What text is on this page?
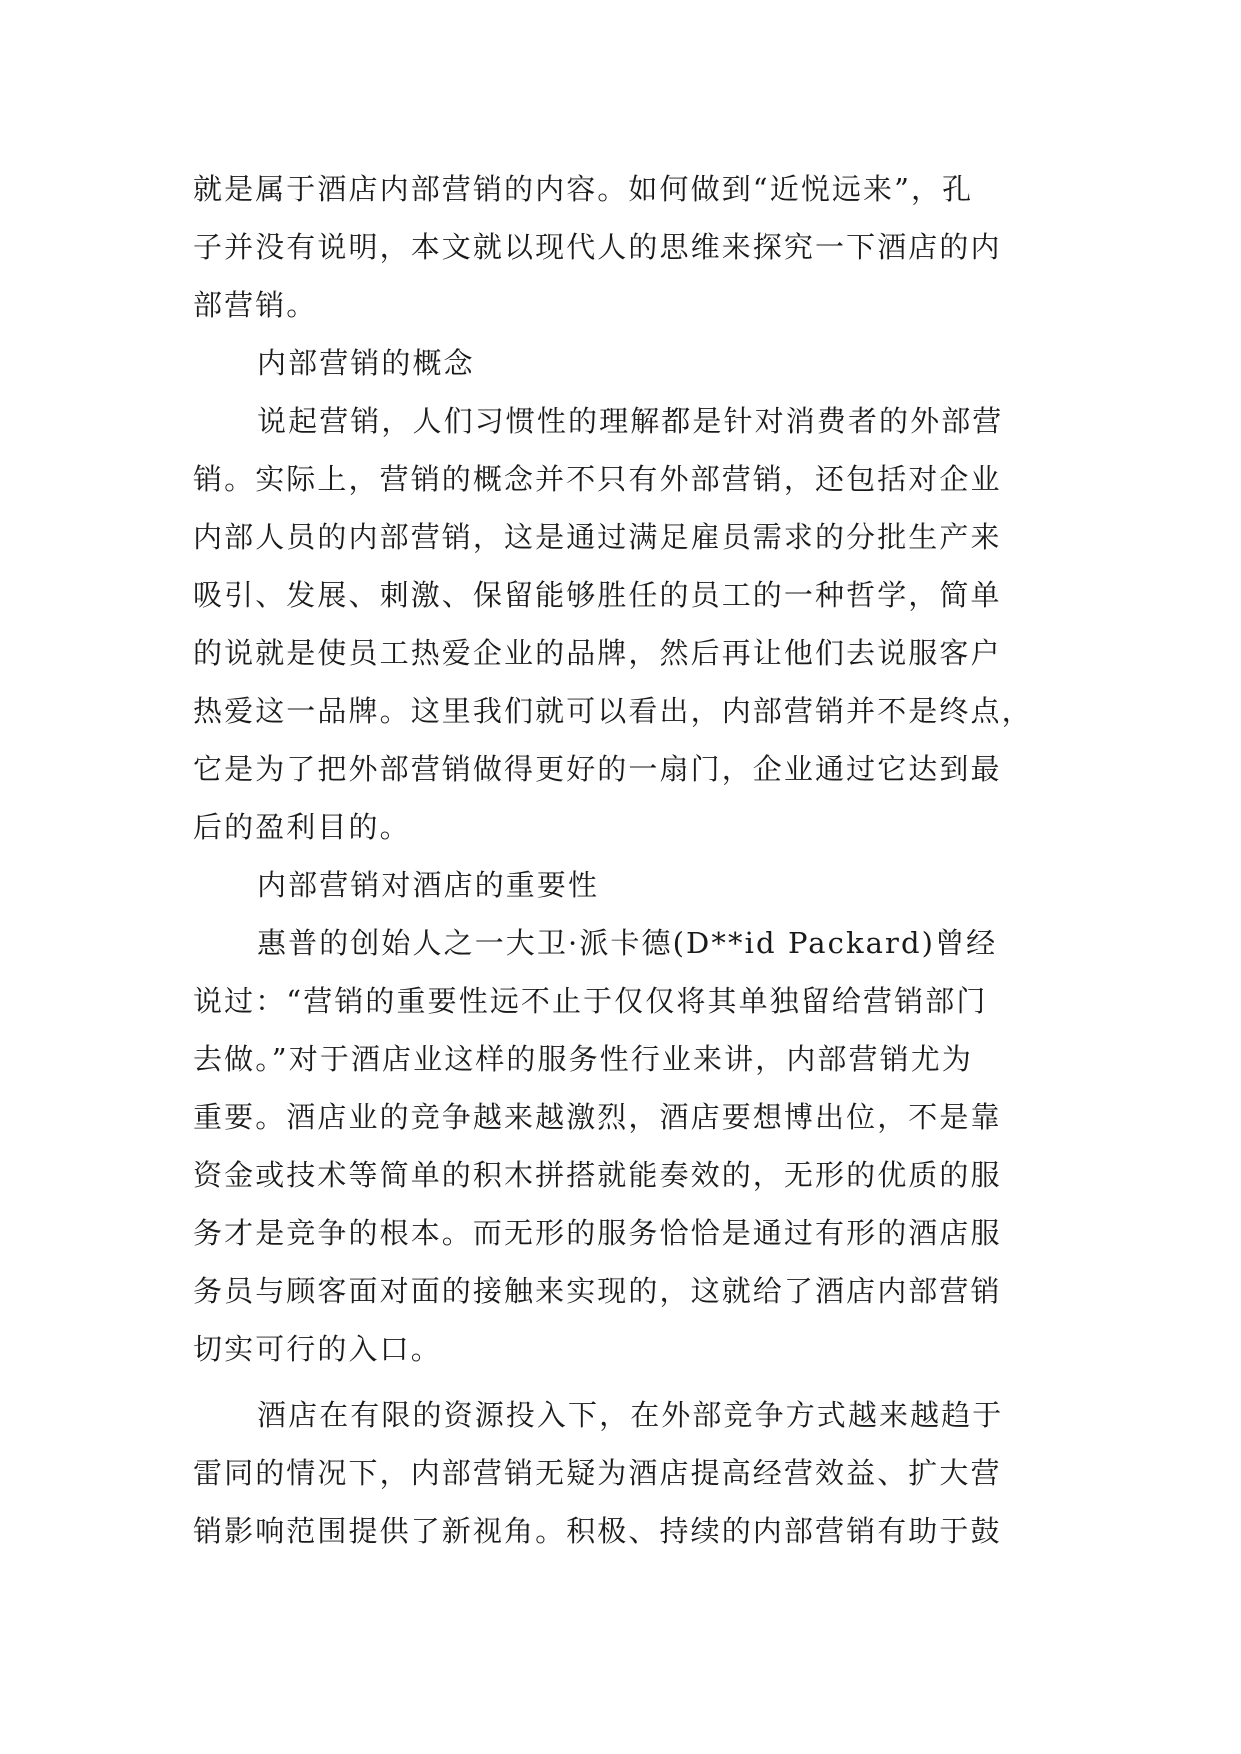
就是属于酒店内部营销的内容。如何做到“近悦远来”，孔
子并没有说明，本文就以现代人的思维来探究一下酒店的内
部营销。
内部营销的概念
说起营销，人们习惯性的理解都是针对消费者的外部营
销。实际上，营销的概念并不只有外部营销，还包括对企业
内部人员的内部营销，这是通过满足雇员需求的分批生产来
吸引、发展、刺激、保留能够胜任的员工的一种哲学，简单
的说就是使员工热爱企业的品牌，然后再让他们去说服客户
热爱这一品牌。这里我们就可以看出，内部营销并不是终点，
它是为了把外部营销做得更好的一扇门，企业通过它达到最
后的盈利目的。
内部营销对酒店的重要性
惠普的创始人之一大卫·派卡德(D**id Packard)曾经
说过：“营销的重要性远不止于仅仅将其单独留给营销部门
去做。”对于酒店业这样的服务性行业来讲，内部营销尤为
重要。酒店业的竞争越来越激烈，酒店要想博出位，不是靠
资金或技术等简单的积木拼搭就能奏效的，无形的优质的服
务才是竞争的根本。而无形的服务恰恰是通过有形的酒店服
务员与顾客面对面的接触来实现的，这就给了酒店内部营销
切实可行的入口。
酒店在有限的资源投入下，在外部竞争方式越来越趋于
雷同的情况下，内部营销无疑为酒店提高经营效益、扩大营
销影响范围提供了新视角。积极、持续的内部营销有助于鼓
